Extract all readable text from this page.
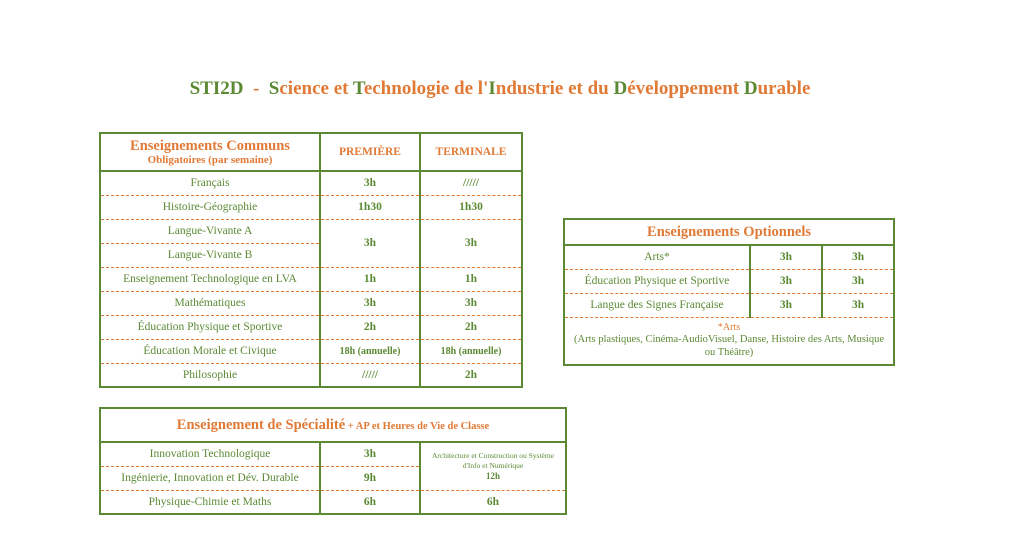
STI2D  -  Science et Technologie de l'Industrie et du Développement Durable
Enseignements Communs
Obligatoires (par semaine)	PREMIÈRE	TERMINALE
Français	3h	/////
Histoire-Géographie	1h30	1h30
Langue-Vivante A	3h	3h
Langue-Vivante B		
Enseignement Technologique en LVA	1h	1h
Mathématiques	3h	3h
Éducation Physique et Sportive	2h	2h
Éducation Morale et Civique	18h (annuelle)	18h (annuelle)
Philosophie	/////	2h
Enseignements Optionnels		

Arts*	3h	3h
Éducation Physique et Sportive	3h	3h
Langue des Signes Française	3h	3h

*Arts
(Arts plastiques, Cinéma-AudioVisuel, Danse, Histoire des Arts, Musique ou Théâtre)		
Enseignement de Spécialité + AP et Heures de Vie de Classe		
Innovation Technologique	3h	Architecture et Construction ou Système d'Info et Numérique
12h

Ingénierie, Innovation et Dév. Durable	9h	
Physique-Chimie et Maths	6h	6h
